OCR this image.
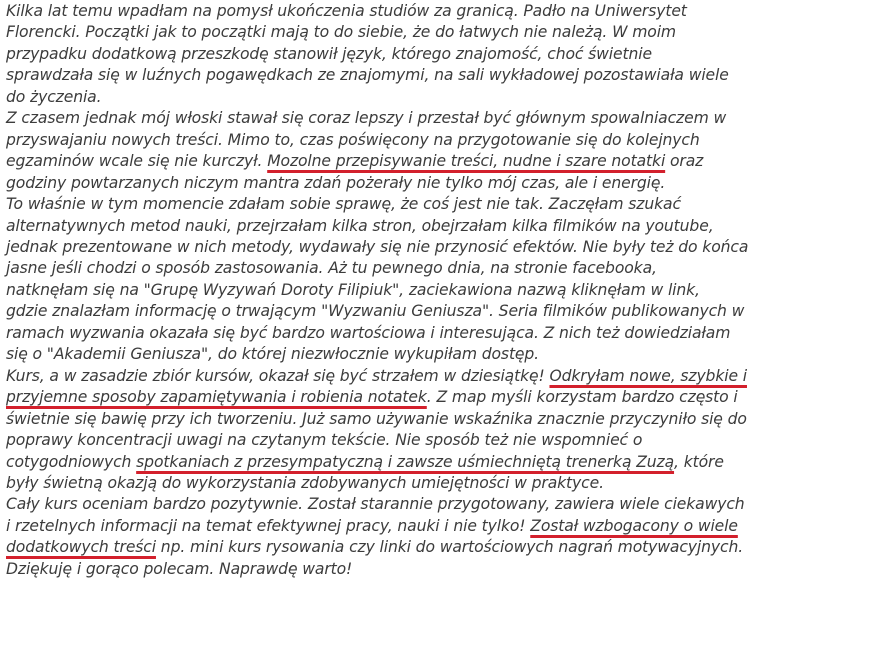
Kilka lat temu wpadłam na pomysł ukończenia studiów za granicą. Padło na Uniwersytet
Florencki. Początki jak to początki mają to do siebie, że do łatwych nie należą. W moim
przypadku dodatkową przeszkodę stanowił język, którego znajomość, choć świetnie
sprawdzała się w luźnych pogawędkach ze znajomymi, na sali wykładowej pozostawiała wiele
do życzenia.
Z czasem jednak mój włoski stawał się coraz lepszy i przestał być głównym spowalniaczem w
przyswajaniu nowych treści. Mimo to, czas poświęcony na przygotowanie się do kolejnych
egzaminów wcale się nie kurczył. Mozolne przepisywanie treści, nudne i szare notatki oraz
godziny powtarzanych niczym mantra zdań pożerały nie tylko mój czas, ale i energię.
To właśnie w tym momencie zdałam sobie sprawę, że coś jest nie tak. Zaczęłam szukać
alternatywnych metod nauki, przejrzałam kilka stron, obejrzałam kilka filmików na youtube,
jednak prezentowane w nich metody, wydawały się nie przynosić efektów. Nie były też do końca
jasne jeśli chodzi o sposób zastosowania. Aż tu pewnego dnia, na stronie facebooka,
natknęłam się na "Grupę Wyzywań Doroty Filipiuk", zaciekawiona nazwą kliknęłam w link,
gdzie znalazłam informację o trwającym "Wyzwaniu Geniusza". Seria filmików publikowanych w
ramach wyzwania okazała się być bardzo wartościowa i interesująca. Z nich też dowiedziałam
się o "Akademii Geniusza", do której niezwłocznie wykupiłam dostęp.
Kurs, a w zasadzie zbiór kursów, okazał się być strzałem w dziesiątkę! Odkryłam nowe, szybkie i
przyjemne sposoby zapamiętywania i robienia notatek. Z map myśli korzystam bardzo często i
świetnie się bawię przy ich tworzeniu. Już samo używanie wskaźnika znacznie przyczyniło się do
poprawy koncentracji uwagi na czytanym tekście. Nie sposób też nie wspomnieć o
cotygodniowych spotkaniach z przesympatyczną i zawsze uśmiechniętą trenerką Zuzą, które
były świetną okazją do wykorzystania zdobywanych umiejętności w praktyce.
Cały kurs oceniam bardzo pozytywnie. Został starannie przygotowany, zawiera wiele ciekawych
i rzetelnych informacji na temat efektywnej pracy, nauki i nie tylko! Został wzbogacony o wiele
dodatkowych treści np. mini kurs rysowania czy linki do wartościowych nagrań motywacyjnych.
Dziękuję i gorąco polecam. Naprawdę warto!
